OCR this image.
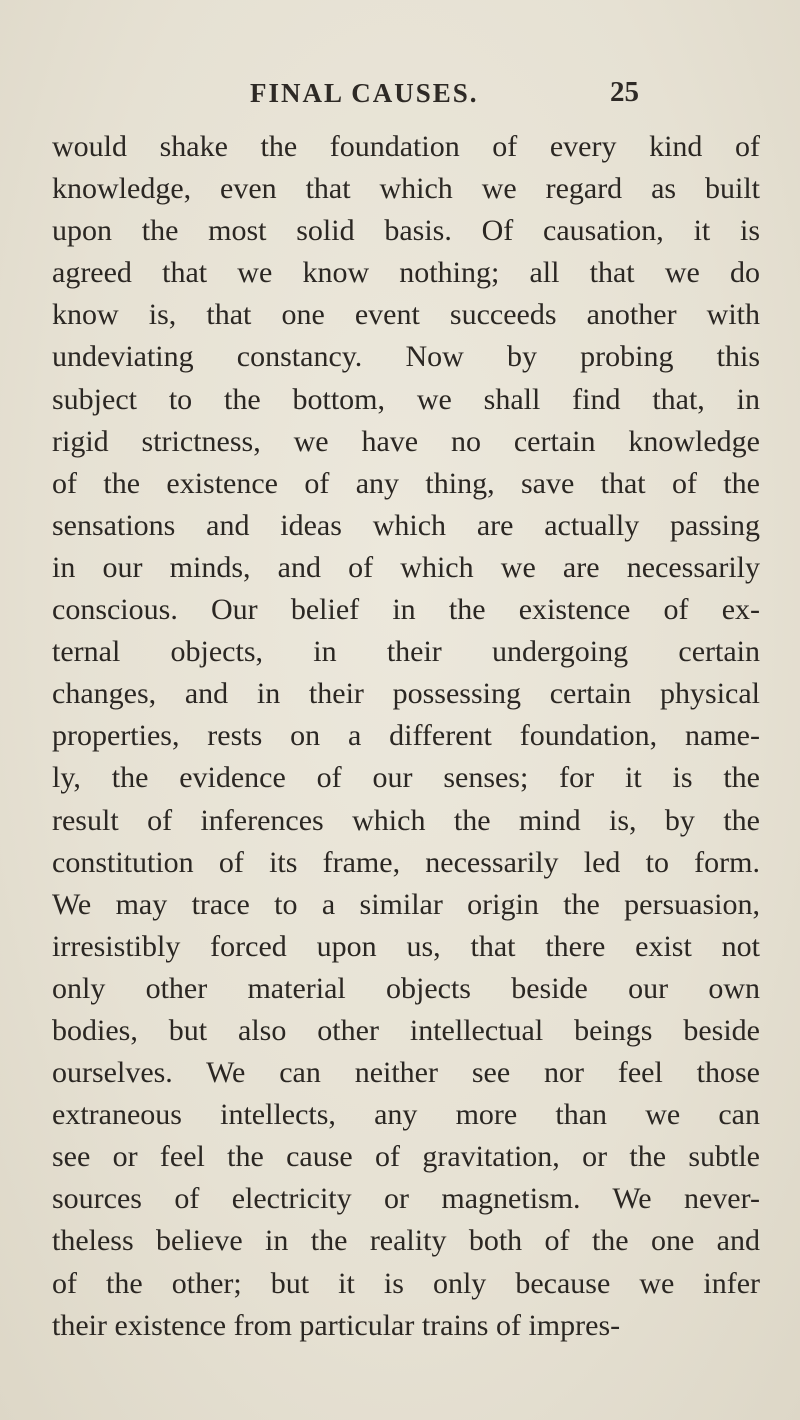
FINAL CAUSES.	25
would shake the foundation of every kind of
knowledge, even that which we regard as built
upon the most solid basis. Of causation, it is
agreed that we know nothing; all that we do
know is, that one event succeeds another with
undeviating constancy. Now by probing this
subject to the bottom, we shall find that, in
rigid strictness, we have no certain knowledge
of the existence of any thing, save that of the
sensations and ideas which are actually passing
in our minds, and of which we are necessarily
conscious. Our belief in the existence of ex-
ternal objects, in their undergoing certain
changes, and in their possessing certain physical
properties, rests on a different foundation, name-
ly, the evidence of our senses; for it is the
result of inferences which the mind is, by the
constitution of its frame, necessarily led to form.
We may trace to a similar origin the persuasion,
irresistibly forced upon us, that there exist not
only other material objects beside our own
bodies, but also other intellectual beings beside
ourselves. We can neither see nor feel those
extraneous intellects, any more than we can
see or feel the cause of gravitation, or the subtle
sources of electricity or magnetism. We never-
theless believe in the reality both of the one and
of the other; but it is only because we infer
their existence from particular trains of impres-
